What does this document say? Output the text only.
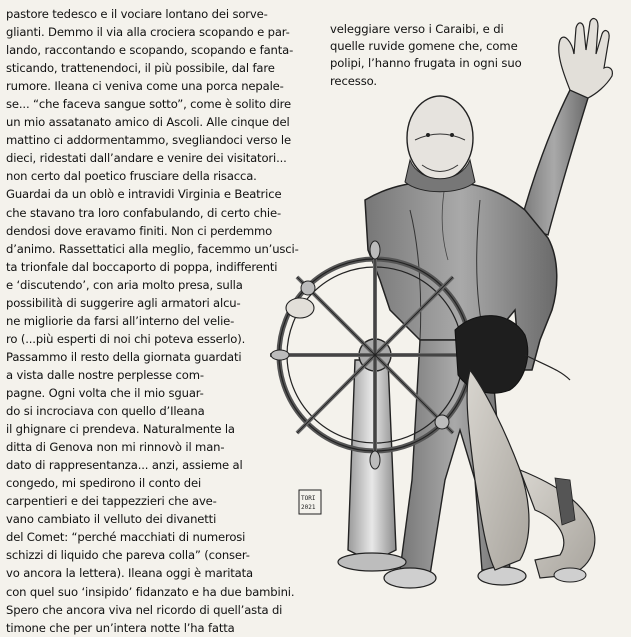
TORI
2021
pastore tedesco e il vociare lontano dei sorve-
glianti. Demmo il via alla crociera scopando e par-
lando, raccontando e scopando, scopando e fanta-
sticando, trattenendoci, il più possibile, dal fare
rumore. Ileana ci veniva come una porca nepale-
se... “che faceva sangue sotto”, come è solito dire
un mio assatanato amico di Ascoli. Alle cinque del
mattino ci addormentammo, svegliandoci verso le
dieci, ridestati dall’andare e venire dei visitatori...
non certo dal poetico frusciare della risacca.
Guardai da un oblò e intravidi Virginia e Beatrice
che stavano tra loro confabulando, di certo chie-
dendosi dove eravamo finiti. Non ci perdemmo
d’animo. Rassettatici alla meglio, facemmo un’usci-
ta trionfale dal boccaporto di poppa, indifferenti
e ‘discutendo’, con aria molto presa, sulla
possibilità di suggerire agli armatori alcu-
ne migliorie da farsi all’interno del velie-
ro (...più esperti di noi chi poteva esserlo).
Passammo il resto della giornata guardati
a vista dalle nostre perplesse com-
pagne. Ogni volta che il mio sguar-
do si incrociava con quello d’Ileana
il ghignare ci prendeva. Naturalmente la
ditta di Genova non mi rinnovò il man-
dato di rappresentanza... anzi, assieme al
congedo, mi spedirono il conto dei
carpentieri e dei tappezzieri che ave-
vano cambiato il velluto dei divanetti
del Comet: “perché macchiati di numerosi
schizzi di liquido che pareva colla” (conser-
vo ancora la lettera). Ileana oggi è maritata
con quel suo ‘insipido’ fidanzato e ha due bambini.
Spero che ancora viva nel ricordo di quell’asta di
timone che per un’intera notte l’ha fatta
veleggiare verso i Caraibi, e di
quelle ruvide gomene che, come
polipi, l’hanno frugata in ogni suo
recesso.
